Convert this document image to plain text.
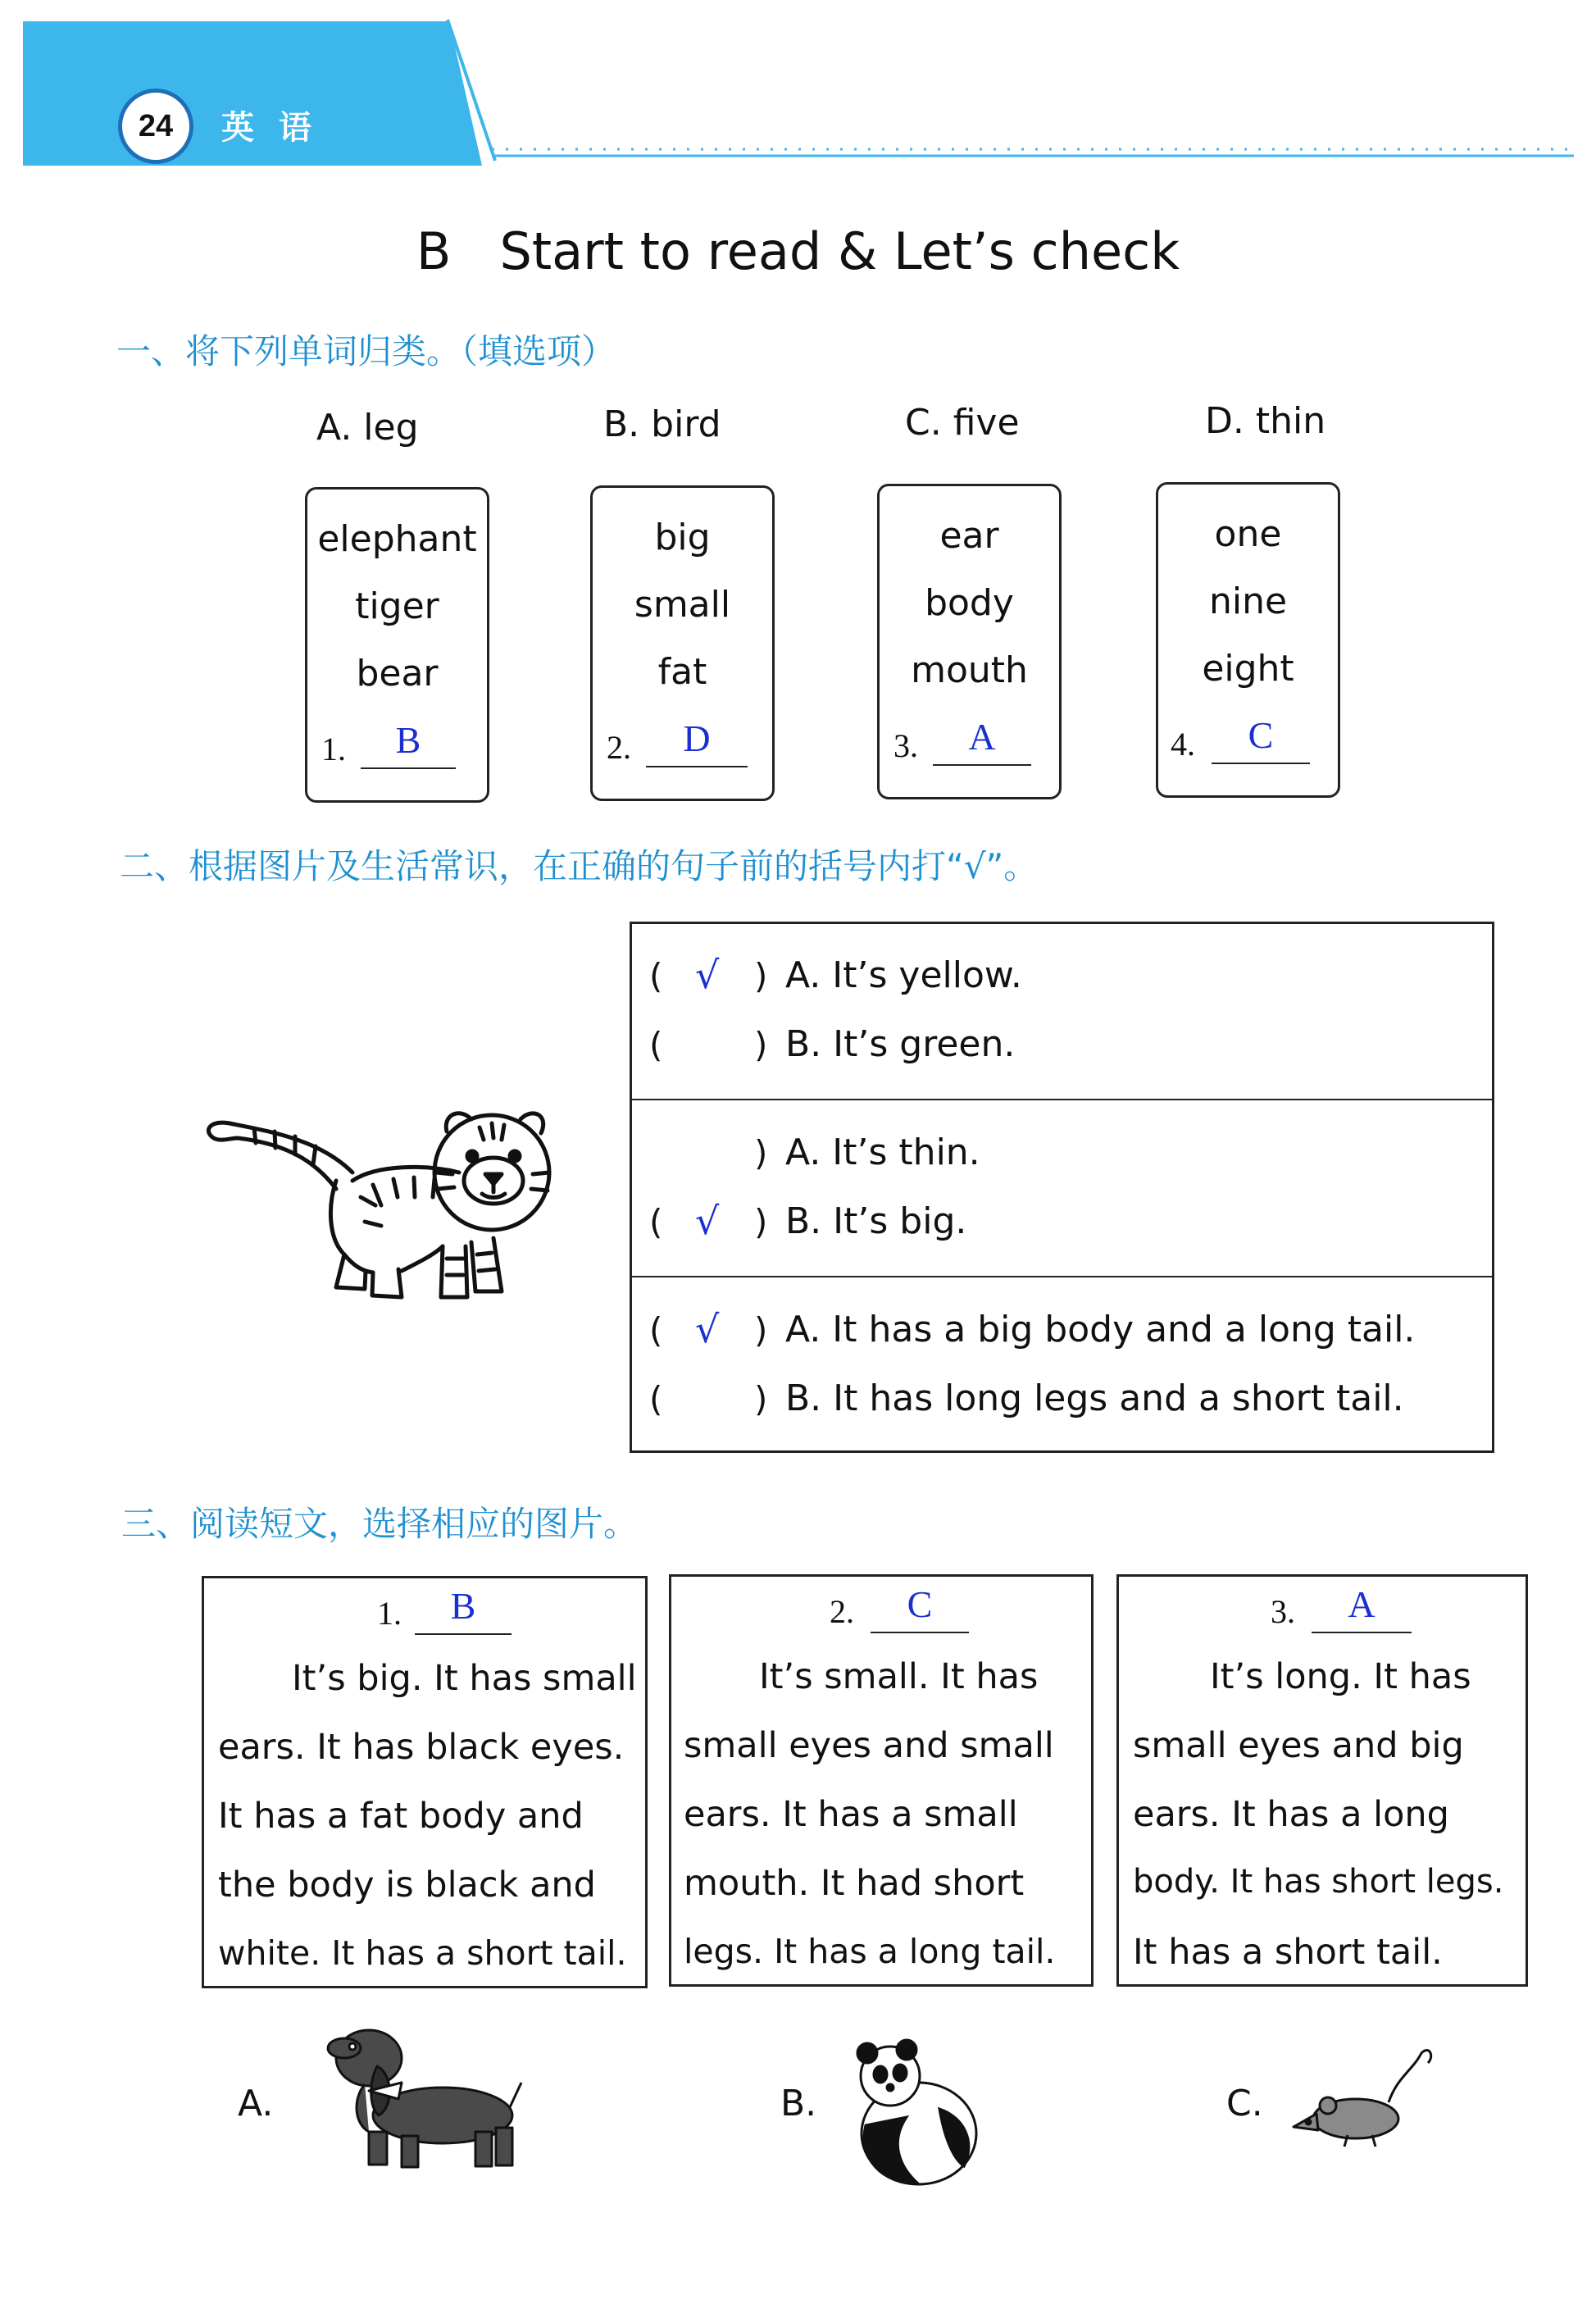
24	英 语
B   Start to read & Let’s check
一、将下列单词归类。（填选项）
A. leg	B. bird	C. five	D. thin
elephant
tiger
bear
1.	B
big
small
fat
2.	D
ear
body
mouth
3.	A
one
nine
eight
4.	C
二、根据图片及生活常识，在正确的句子前的括号内打“√”。
( √ ) A. It’s yellow.
(	) B. It’s green.
) A. It’s thin.
( √ ) B. It’s big.
( √ ) A. It has a big body and a long tail.
(	) B. It has long legs and a short tail.
三、阅读短文，选择相应的图片。
1.	B
It’s big. It has small
ears. It has black eyes.
It has a fat body and
the body is black and
white. It has a short tail.
2.	C
It’s small. It has
small eyes and small
ears. It has a small
mouth. It had short
legs. It has a long tail.
3.	A
It’s long. It has
small eyes and big
ears. It has a long
body. It has short legs.
It has a short tail.
A.	B.	C.
